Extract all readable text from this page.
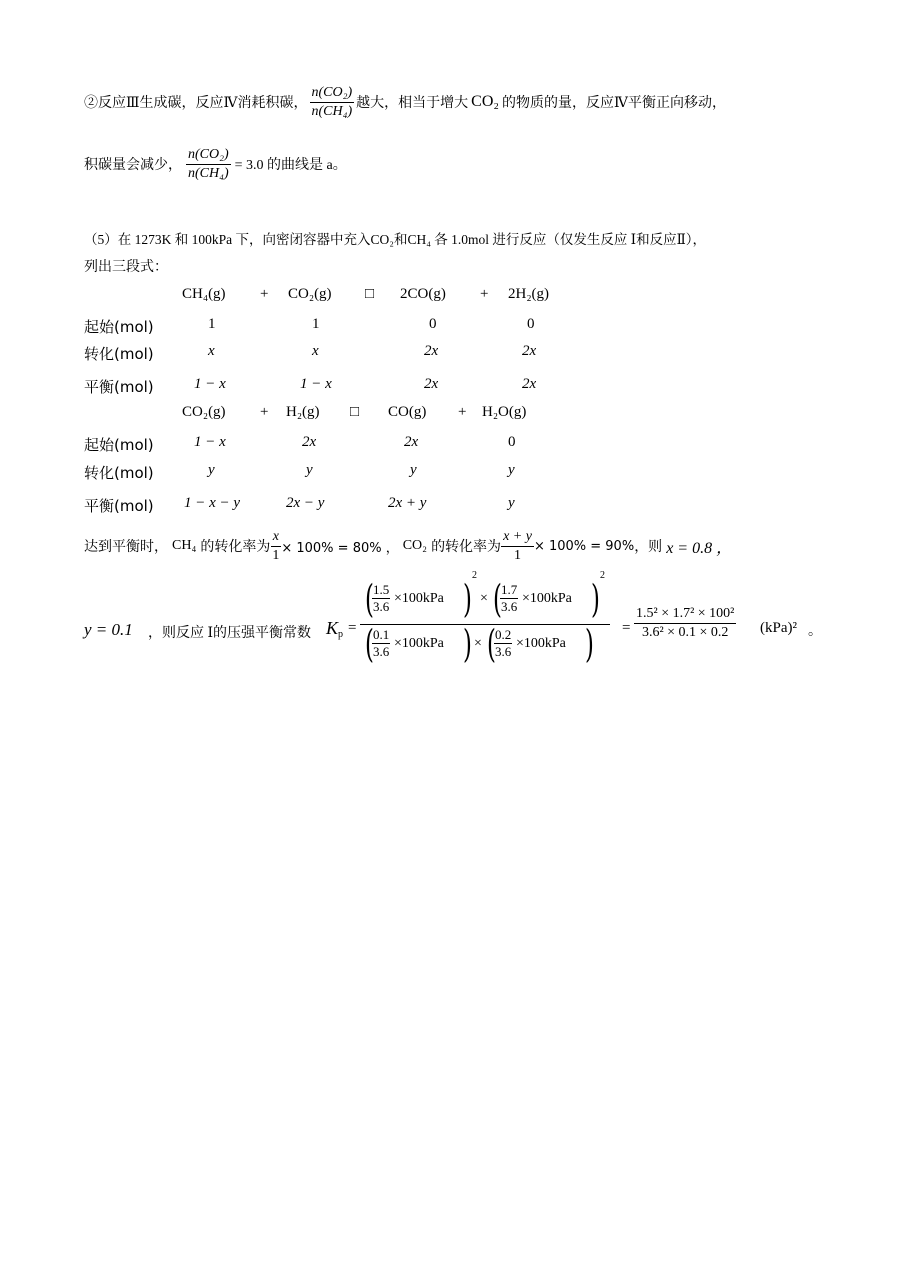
②反应Ⅲ生成碳，反应Ⅳ消耗积碳， $\frac{\text{n(CO₂)}}{\text{n(CH₄)}}$ 越大，相当于增大 CO₂ 的物质的量，反应Ⅳ平衡正向移动，
积碳量会减少， $\frac{\text{n(CO₂)}}{\text{n(CH₄)}} = 3.0$ 的曲线是 a。
（5）在 1273K 和 100kPa 下，向密闭容器中充入CO₂和CH₄ 各 1.0mol 进行反应（仅发生反应 Ⅰ和反应Ⅱ），
列出三段式：
CH₄(g) + CO₂(g) □ 2CO(g) + 2H₂(g)
起始(mol)	1	1	0	0
转化(mol)	x	x	2x	2x
平衡(mol)	1 − x	1 − x	2x	2x
CO₂(g) + H₂(g) □ CO(g) + H₂O(g)
起始(mol)	1 − x	2x	2x	0
转化(mol)	y	y	y	y
平衡(mol) 1 − x − y	2x − y	2x + y	y
达到平衡时， CH₄ 的转化率为 $\frac{x}{1} \times 100\% = 80\%$ ， CO₂ 的转化率为 $\frac{x + y}{1} \times 100\% = 90\%$ ，则 x = 0.8 ，
y = 0.1 ，则反应 Ⅰ的压强平衡常数 $K_p$ =
(
$\frac{1.5}{3.6} \times 100kPa$ )
2
× (
$\frac{1.7}{3.6} \times 100kPa$ )
2
(
$\frac{0.1}{3.6} \times 100kPa$ ) × (
$\frac{0.2}{3.6} \times 100kPa$ ) = $\frac{\text{1.5² × 1.7² × 100²}}{\text{3.6² × 0.1 × 0.2}} (kPa)^2$ 。
